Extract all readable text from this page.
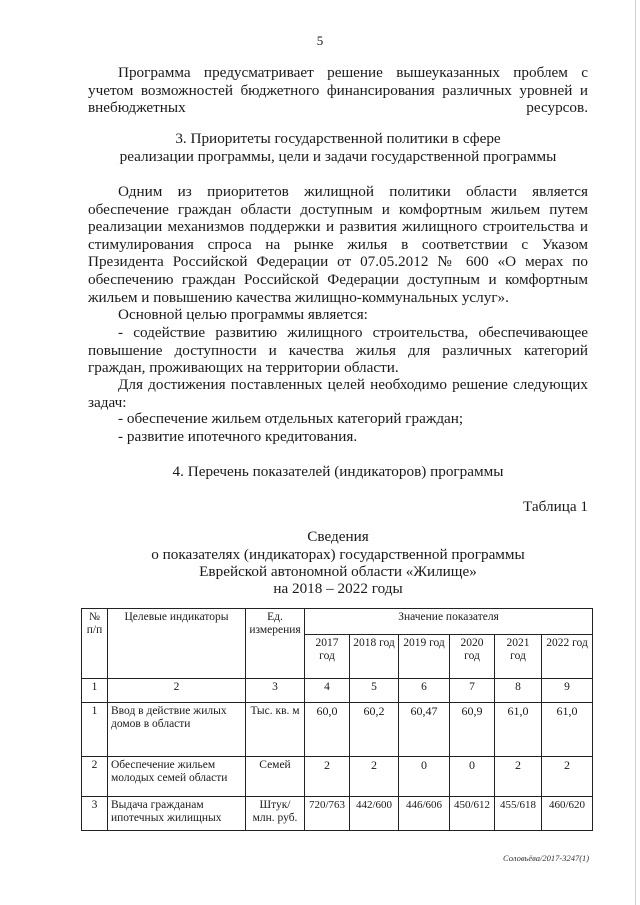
5

Программа предусматривает решение вышеуказанных проблем с учетом возможностей бюджетного финансирования различных уровней и внебюджетных ресурсов.

3. Приоритеты государственной политики в сфере

реализации программы, цели и задачи государственной программы

Одним из приоритетов жилищной политики области является обеспечение граждан области доступным и комфортным жильем путем реализации механизмов поддержки и развития жилищного строительства и стимулирования спроса на рынке жилья в соответствии с Указом Президента Российской Федерации от 07.05.2012 № 600 «О мерах по обеспечению граждан Российской Федерации доступным и комфортным жильем и повышению качества жилищно-коммунальных услуг».

Основной целью программы является:

- содействие развитию жилищного строительства, обеспечивающее повышение доступности и качества жилья для различных категорий граждан, проживающих на территории области.

Для достижения поставленных целей необходимо решение следующих задач:

- обеспечение жильем отдельных категорий граждан;

- развитие ипотечного кредитования.

4. Перечень показателей (индикаторов) программы

Таблица 1

Сведения

о показателях (индикаторах) государственной программы

Еврейской автономной области «Жилище»

на 2018 – 2022 годы

№ п/п	Целевые индикаторы	Ед. измерения	Значение показателя					
			2017 год	2018 год	2019 год	2020 год	2021 год	2022 год
1	2	3	4	5	6	7	8	9
1	Ввод в действие жилых домов в области	Тыс. кв. м	60,0	60,2	60,47	60,9	61,0	61,0
2	Обеспечение жильем молодых семей области	Семей	2	2	0	0	2	2
3	Выдача гражданам ипотечных жилищных	Штук/ млн. руб.	720/763	442/600	446/606	450/612	455/618	460/620
Соловьёва/2017-3247(1)
